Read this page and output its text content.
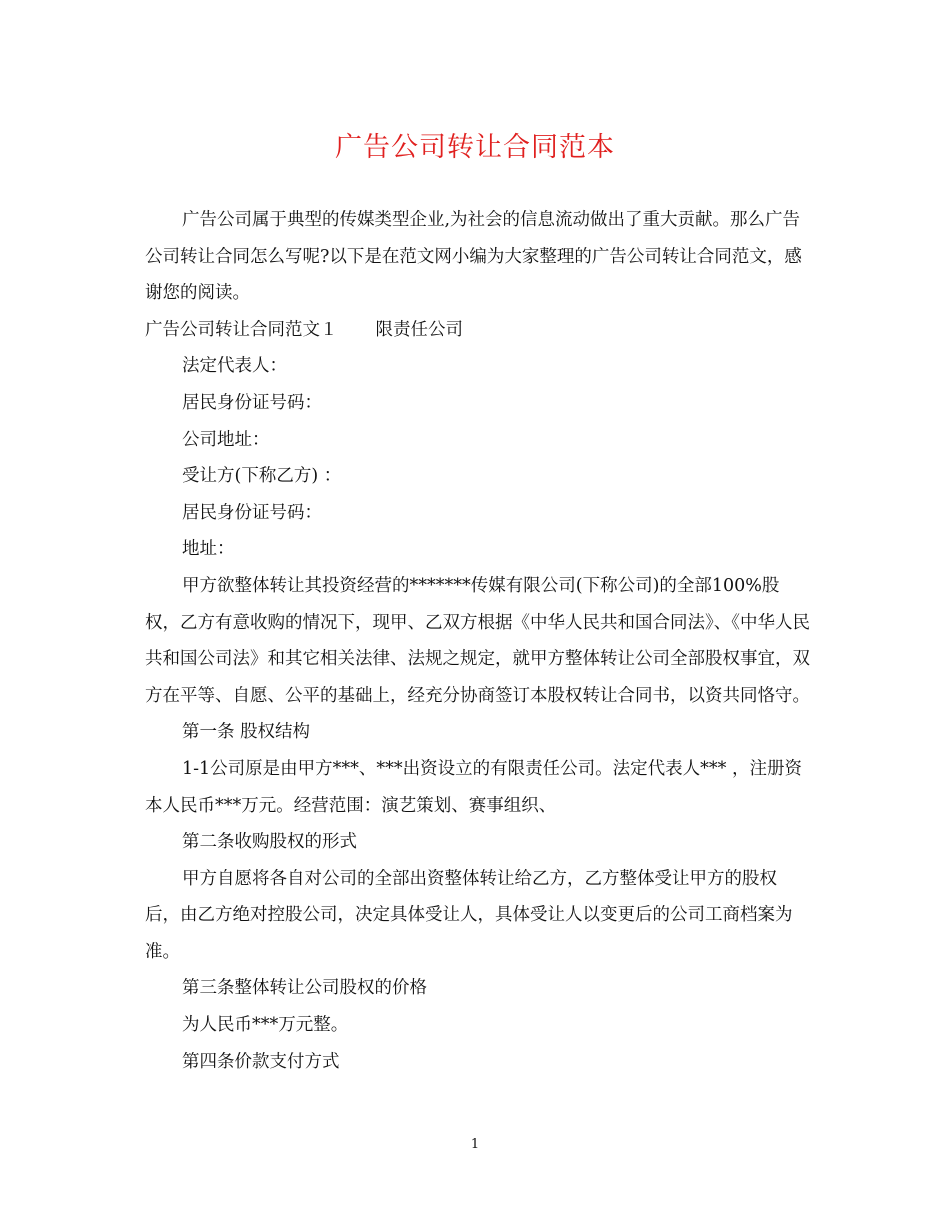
广告公司转让合同范本

广告公司属于典型的传媒类型企业,为社会的信息流动做出了重大贡献。那么广告公司转让合同怎么写呢?以下是在范文网小编为大家整理的广告公司转让合同范文，感谢您的阅读。

广告公司转让合同范文１ 限责任公司

法定代表人：

居民身份证号码：

公司地址：

受让方(下称乙方) ：

居民身份证号码：

地址：

甲方欲整体转让其投资经营的*******传媒有限公司(下称公司)的全部100%股权，乙方有意收购的情况下，现甲、乙双方根据《中华人民共和国合同法》、《中华人民共和国公司法》和其它相关法律、法规之规定，就甲方整体转让公司全部股权事宜，双方在平等、自愿、公平的基础上，经充分协商签订本股权转让合同书，以资共同恪守。

第一条 股权结构

1-1公司原是由甲方***、***出资设立的有限责任公司。法定代表人*** ，注册资本人民币***万元。经营范围：演艺策划、赛事组织、

第二条收购股权的形式

甲方自愿将各自对公司的全部出资整体转让给乙方，乙方整体受让甲方的股权后，由乙方绝对控股公司，决定具体受让人，具体受让人以变更后的公司工商档案为准。

第三条整体转让公司股权的价格

为人民币***万元整。

第四条价款支付方式

1
